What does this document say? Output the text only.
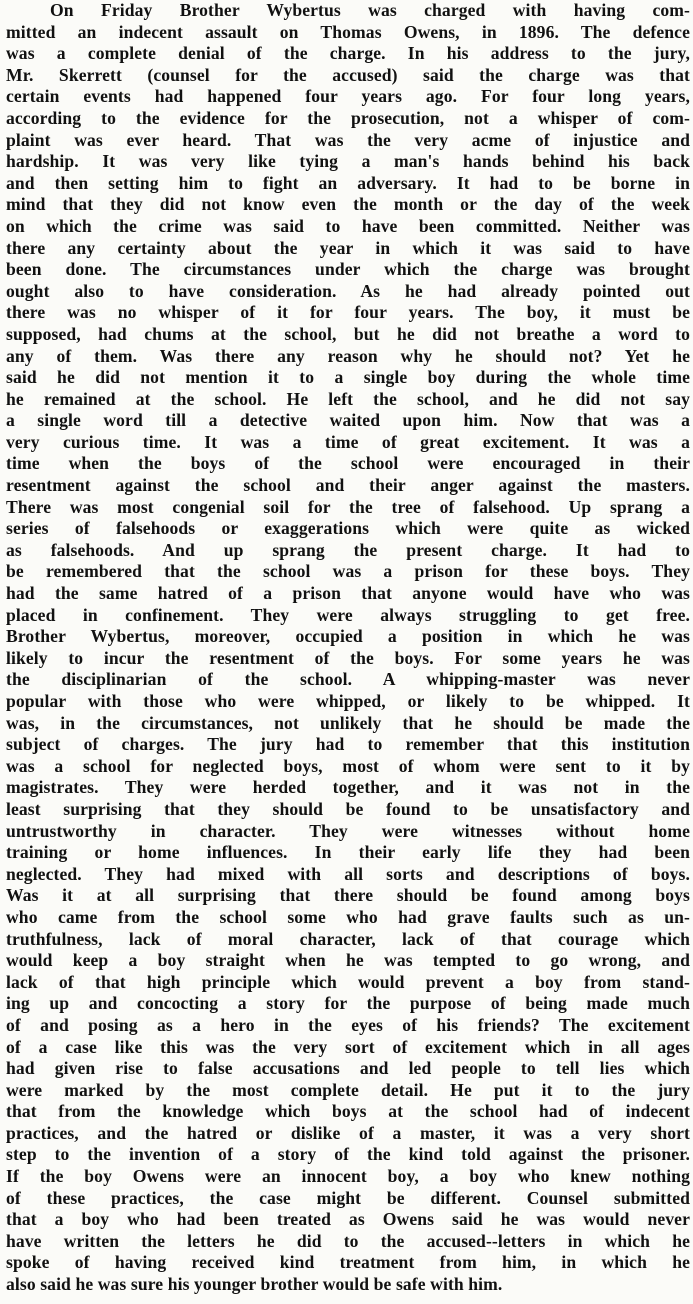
On Friday Brother Wybertus was charged with having com-
mitted an indecent assault on Thomas Owens, in 1896. The defence
was a complete denial of the charge. In his address to the jury,
Mr. Skerrett (counsel for the accused) said the charge was that
certain events had happened four years ago. For four long years,
according to the evidence for the prosecution, not a whisper of com-
plaint was ever heard. That was the very acme of injustice and
hardship. It was very like tying a man's hands behind his back
and then setting him to fight an adversary. It had to be borne in
mind that they did not know even the month or the day of the week
on which the crime was said to have been committed. Neither was
there any certainty about the year in which it was said to have
been done. The circumstances under which the charge was brought
ought also to have consideration. As he had already pointed out
there was no whisper of it for four years. The boy, it must be
supposed, had chums at the school, but he did not breathe a word to
any of them. Was there any reason why he should not? Yet he
said he did not mention it to a single boy during the whole time
he remained at the school. He left the school, and he did not say
a single word till a detective waited upon him. Now that was a
very curious time. It was a time of great excitement. It was a
time when the boys of the school were encouraged in their
resentment against the school and their anger against the masters.
There was most congenial soil for the tree of falsehood. Up sprang a
series of falsehoods or exaggerations which were quite as wicked
as falsehoods. And up sprang the present charge. It had to
be remembered that the school was a prison for these boys. They
had the same hatred of a prison that anyone would have who was
placed in confinement. They were always struggling to get free.
Brother Wybertus, moreover, occupied a position in which he was
likely to incur the resentment of the boys. For some years he was
the disciplinarian of the school. A whipping-master was never
popular with those who were whipped, or likely to be whipped. It
was, in the circumstances, not unlikely that he should be made the
subject of charges. The jury had to remember that this institution
was a school for neglected boys, most of whom were sent to it by
magistrates. They were herded together, and it was not in the
least surprising that they should be found to be unsatisfactory and
untrustworthy in character. They were witnesses without home
training or home influences. In their early life they had been
neglected. They had mixed with all sorts and descriptions of boys.
Was it at all surprising that there should be found among boys
who came from the school some who had grave faults such as un-
truthfulness, lack of moral character, lack of that courage which
would keep a boy straight when he was tempted to go wrong, and
lack of that high principle which would prevent a boy from stand-
ing up and concocting a story for the purpose of being made much
of and posing as a hero in the eyes of his friends? The excitement
of a case like this was the very sort of excitement which in all ages
had given rise to false accusations and led people to tell lies which
were marked by the most complete detail. He put it to the jury
that from the knowledge which boys at the school had of indecent
practices, and the hatred or dislike of a master, it was a very short
step to the invention of a story of the kind told against the prisoner.
If the boy Owens were an innocent boy, a boy who knew nothing
of these practices, the case might be different. Counsel submitted
that a boy who had been treated as Owens said he was would never
have written the letters he did to the accused--letters in which he
spoke of having received kind treatment from him, in which he
also said he was sure his younger brother would be safe with him.
